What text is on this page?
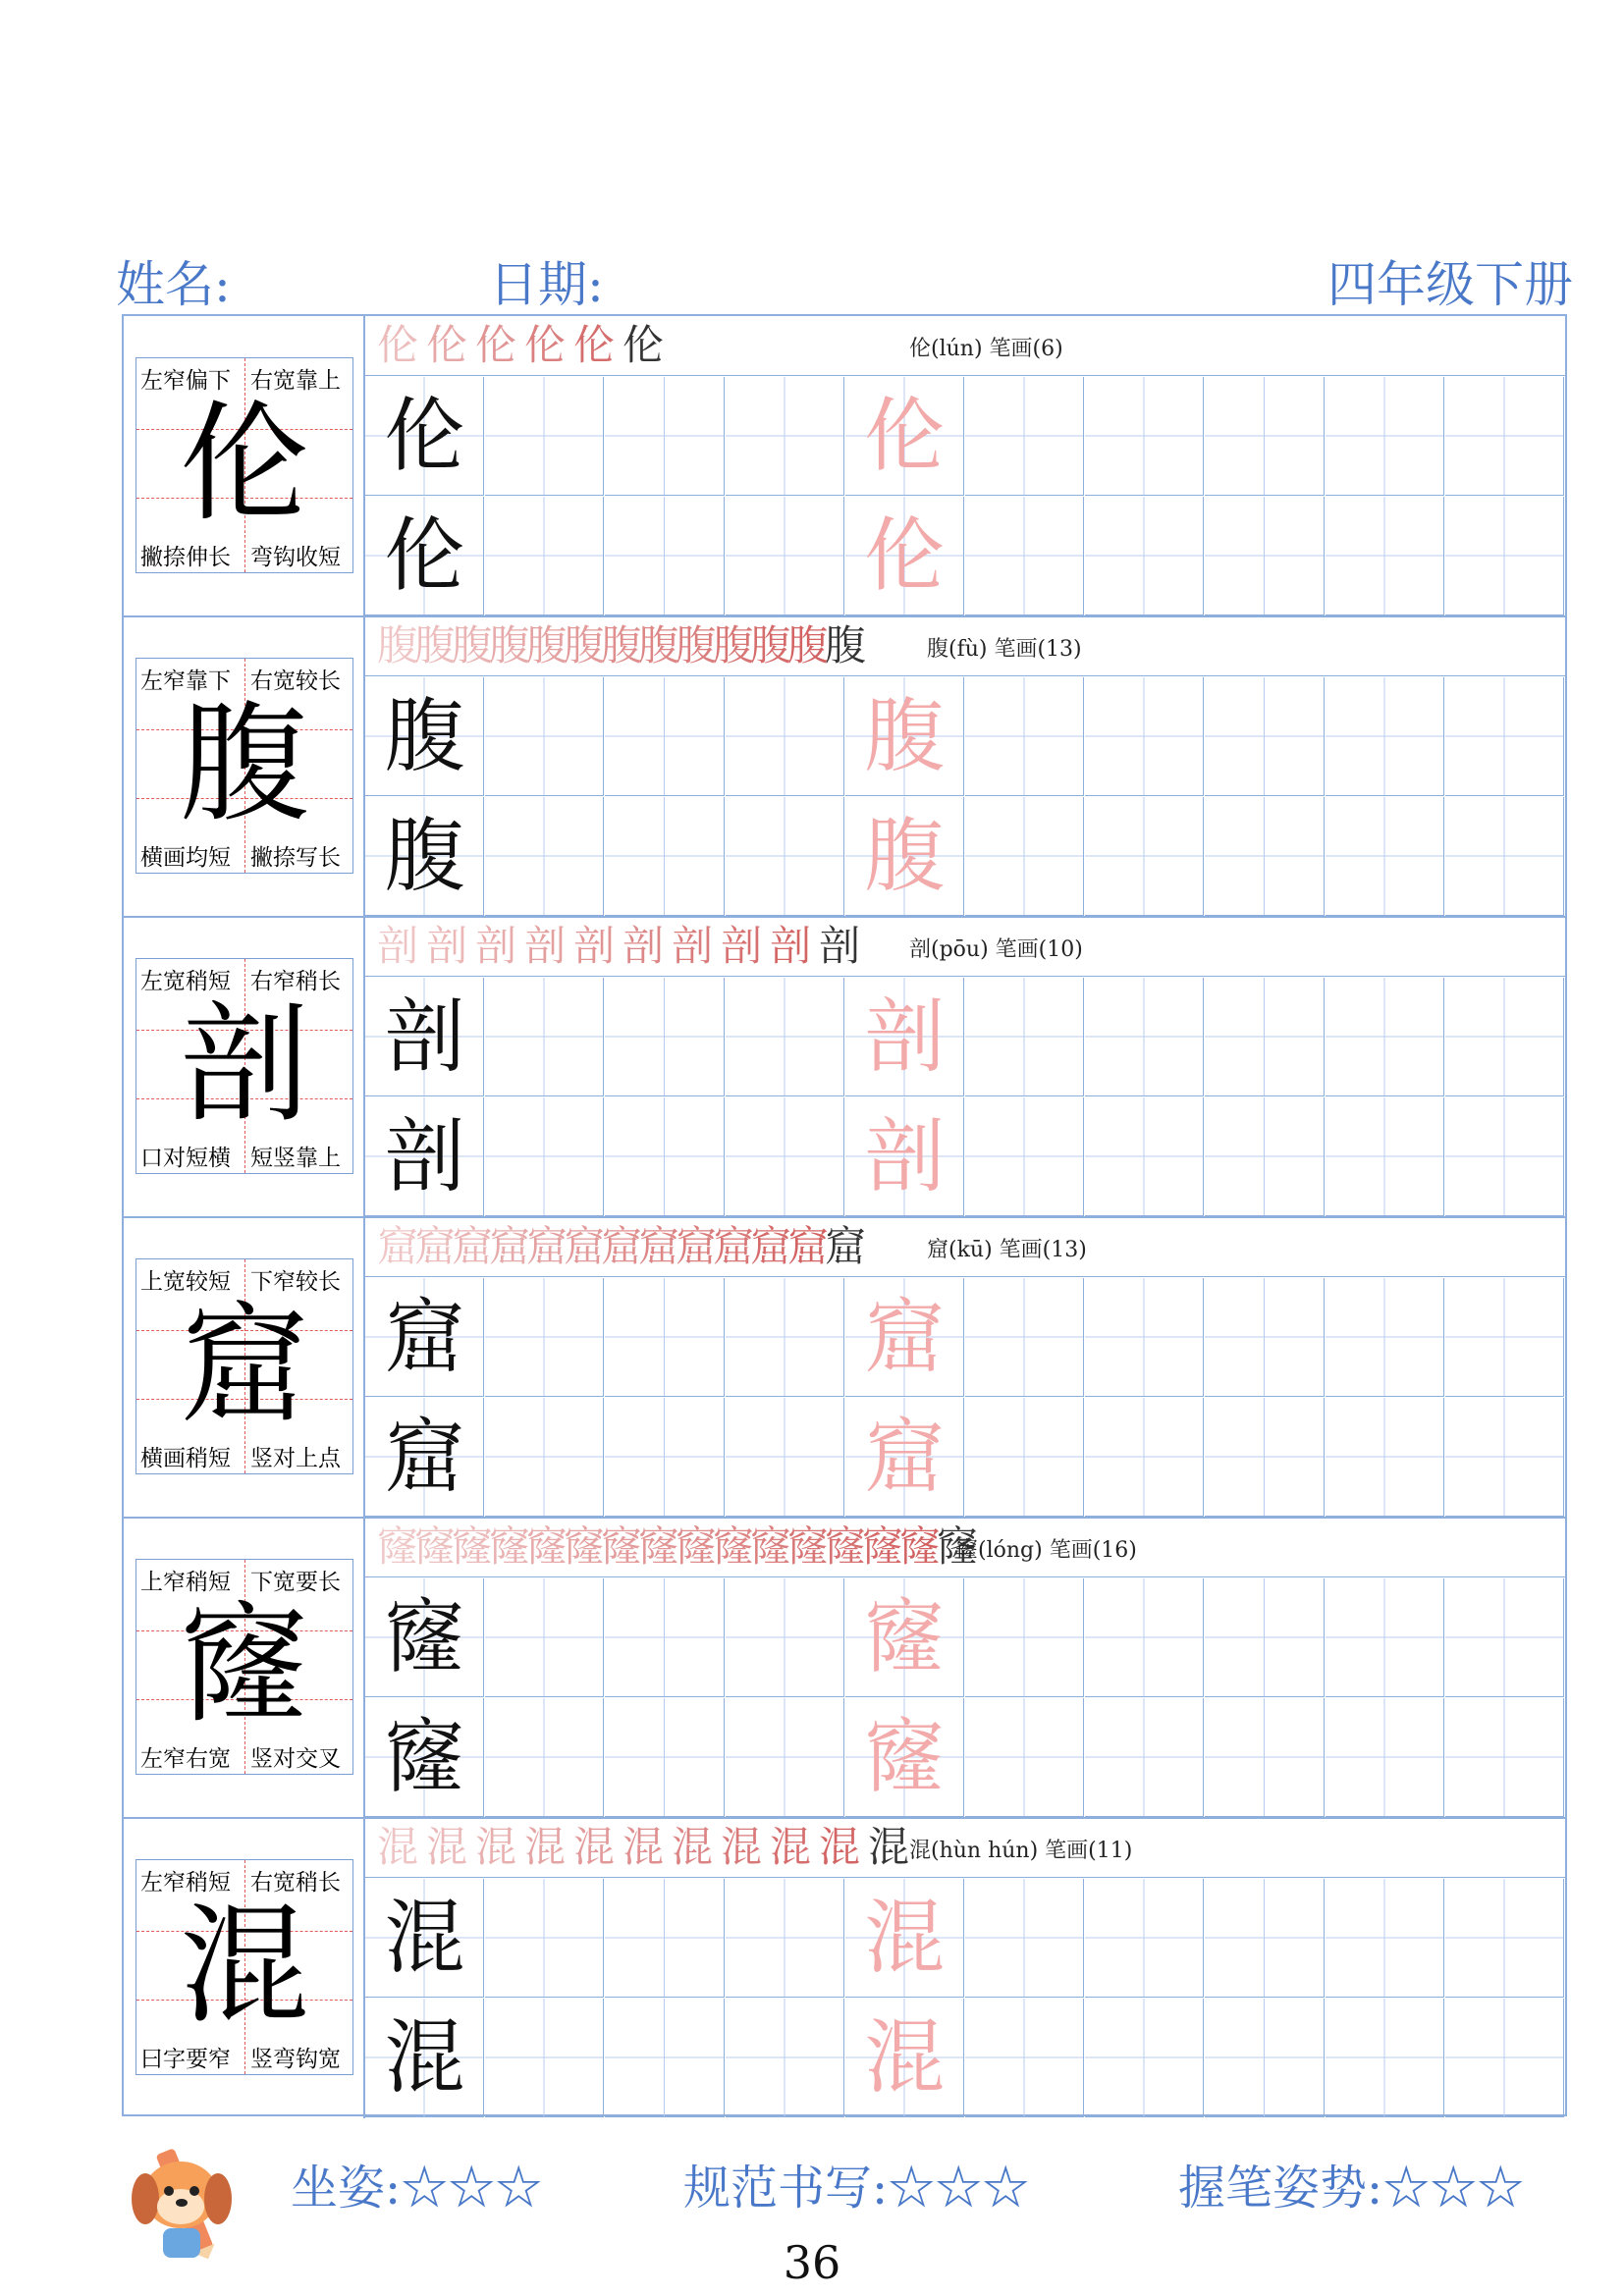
姓名:	日期:	四年级下册
伦
左窄偏下 右宽靠上
撇捺伸长 弯钩收短
伦 伦 伦 伦 伦 伦	伦(lún) 笔画(6)
伦	伦
伦	伦
腹
左窄靠下 右宽较长
横画均短 撇捺写长
腹
腹
腹
腹
腹
腹
腹
腹
腹
腹
腹
腹
腹	腹(fù) 笔画(13)
腹	腹
腹	腹
剖
左宽稍短 右窄稍长
口对短横 短竖靠上
剖 剖 剖 剖 剖 剖 剖 剖 剖 剖 剖(pōu) 笔画(10)
剖	剖
剖	剖
窟
上宽较短 下窄较长
横画稍短 竖对上点
窟
窟
窟
窟
窟
窟
窟
窟
窟
窟
窟
窟
窟	窟(kū) 笔画(13)
窟	窟
窟	窟
窿
上窄稍短 下宽要长
左窄右宽 竖对交叉
窿
窿
窿
窿
窿
窿
窿
窿
窿
窿
窿
窿
窿
窿
窿
窿
窿(lóng) 笔画(16)
窿	窿
窿	窿
混
左窄稍短 右宽稍长
曰字要窄 竖弯钩宽
混 混 混 混 混 混 混 混 混 混 混 混(hùn hún) 笔画(11)
混	混
混	混
坐姿:☆☆☆	规范书写:☆☆☆	握笔姿势:☆☆☆
36
